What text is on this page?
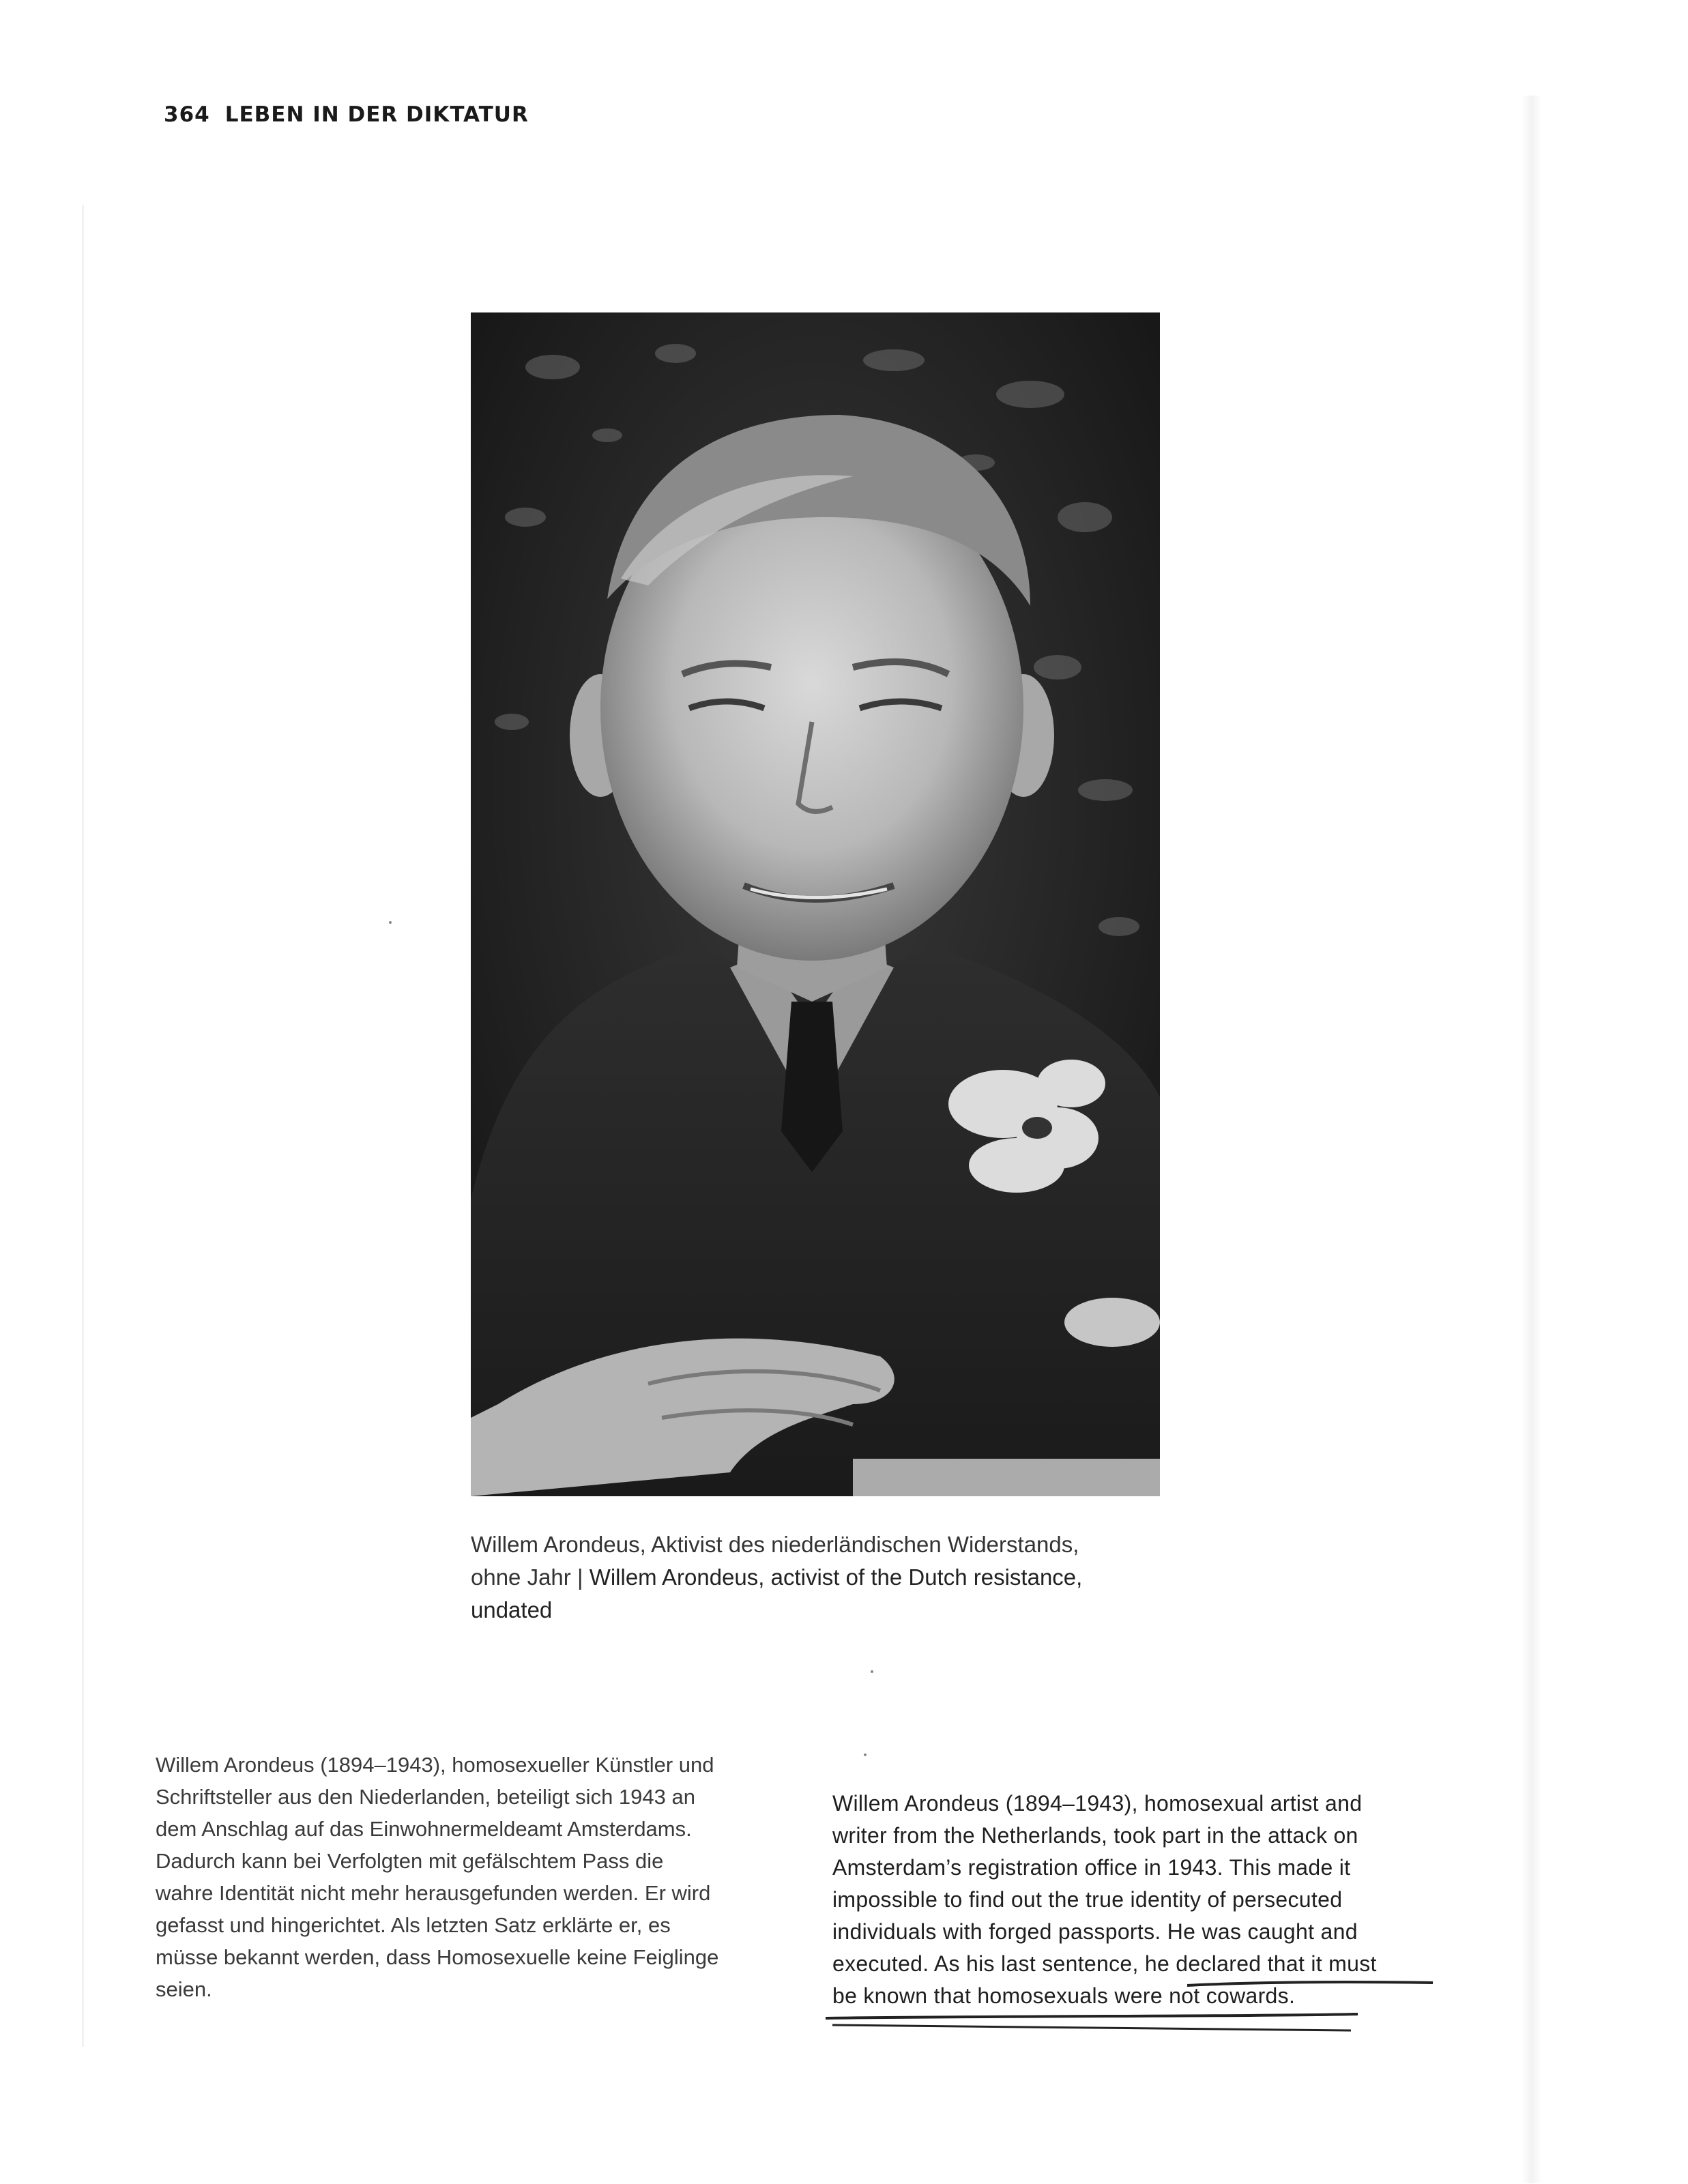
364 LEBEN IN DER DIKTATUR
Willem Arondeus, Aktivist des niederländischen Widerstands,
ohne Jahr | Willem Arondeus, activist of the Dutch resistance,
undated
Willem Arondeus (1894–1943), homosexueller Künstler und
Schriftsteller aus den Niederlanden, beteiligt sich 1943 an
dem Anschlag auf das Einwohnermeldeamt Amsterdams.
Dadurch kann bei Verfolgten mit gefälschtem Pass die
wahre Identität nicht mehr herausgefunden werden. Er wird
gefasst und hingerichtet. Als letzten Satz erklärte er, es
müsse bekannt werden, dass Homosexuelle keine Feiglinge
seien.
Willem Arondeus (1894–1943), homosexual artist and
writer from the Netherlands, took part in the attack on
Amsterdam’s registration office in 1943. This made it
impossible to find out the true identity of persecuted
individuals with forged passports. He was caught and
executed. As his last sentence, he declared that it must
be known that homosexuals were not cowards.
